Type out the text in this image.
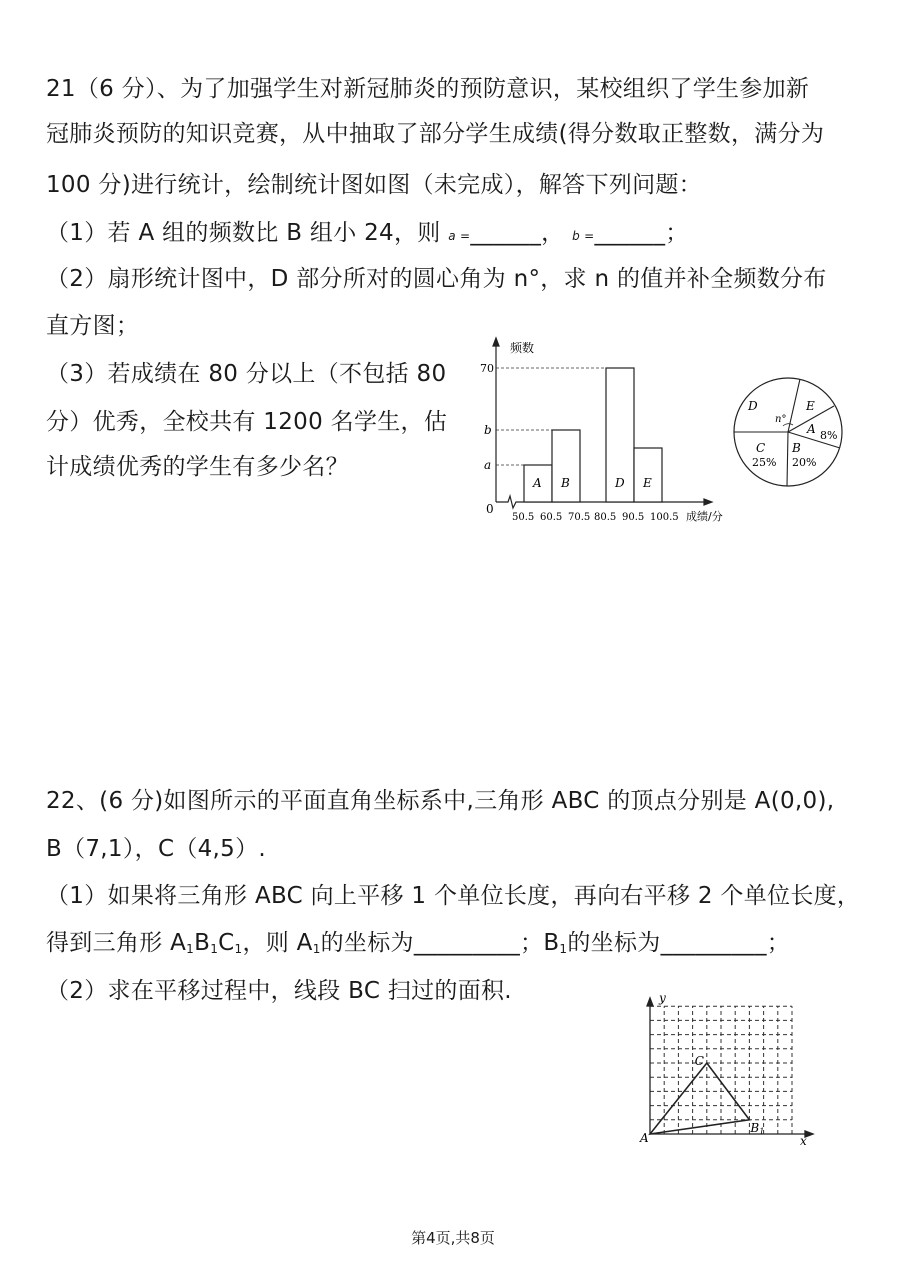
21（6 分）、为了加强学生对新冠肺炎的预防意识，某校组织了学生参加新
冠肺炎预防的知识竞赛，从中抽取了部分学生成绩(得分数取正整数，满分为
100 分)进行统计，绘制统计图如图（未完成），解答下列问题：
（1）若 A 组的频数比 B 组小 24，则 a =______， b =______；
（2）扇形统计图中，D 部分所对的圆心角为 n°，求 n 的值并补全频数分布
直方图；
（3）若成绩在 80 分以上（不包括 80
分）优秀，全校共有 1200 名学生，估
计成绩优秀的学生有多少名？
频数
70
b
a
0
A B	D E
50.5 60.5 70.5 80.5 90.5 100.5 成绩/分
D	E
n°
A 8%
C
25%
B
20%
22、(6 分)如图所示的平面直角坐标系中,三角形 ABC 的顶点分别是 A(0,0),
B（7,1），C（4,5）.
（1）如果将三角形 ABC 向上平移 1 个单位长度，再向右平移 2 个单位长度，
得到三角形 $A_1B_1C_1$，则 $A_1$的坐标为_________；$B_1$的坐标为_________；
（2）求在平移过程中，线段 BC 扫过的面积.	y
x
A
C
B1
第4页,共8页
